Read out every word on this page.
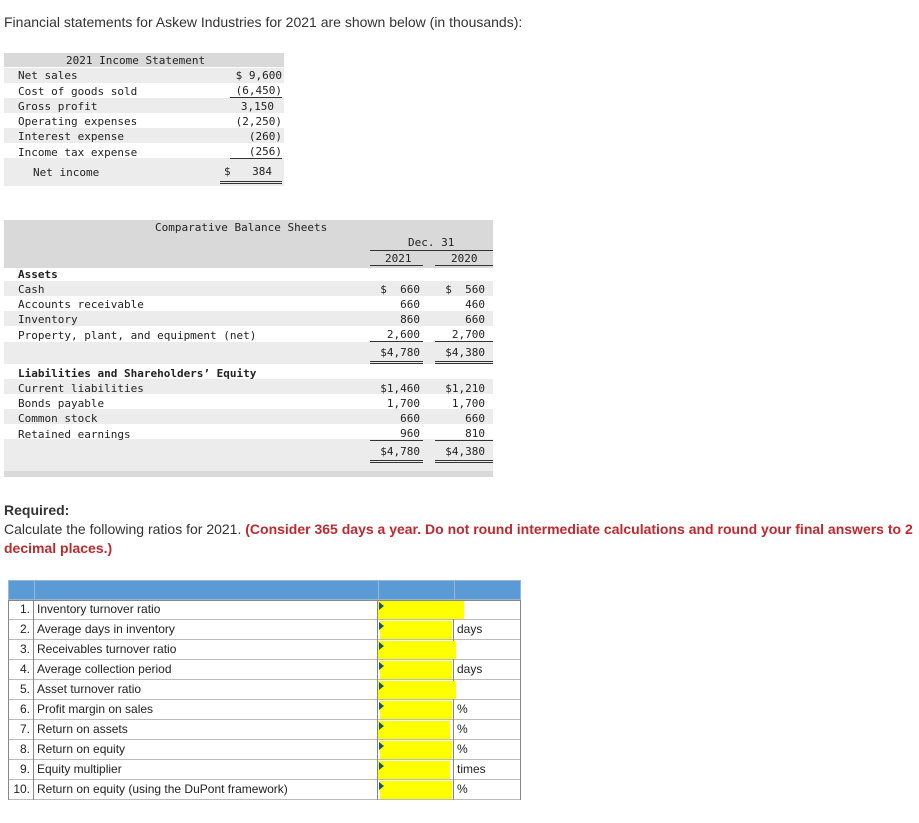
Financial statements for Askew Industries for 2021 are shown below (in thousands):
2021 Income Statement
Net sales	$ 9,600
Cost of goods sold	(6,450)
Gross profit	3,150
Operating expenses	(2,250)
Interest expense	(260)
Income tax expense	(256)
Net income	$ 384
Comparative Balance Sheets
Dec. 31
2021	2020
Assets
Cash	$  660	$  560
Accounts receivable	660	460
Inventory	860	660
Property, plant, and equipment (net)	2,600	2,700
$4,780	$4,380
Liabilities and Shareholders’ Equity
Current liabilities	$1,460	$1,210
Bonds payable	1,700	1,700
Common stock	660	660
Retained earnings	960	810
$4,780	$4,380
Required:
Calculate the following ratios for 2021. (Consider 365 days a year. Do not round intermediate calculations and round your final answers to 2 decimal places.)
1. Inventory turnover ratio
2. Average days in inventory	days
3. Receivables turnover ratio
4. Average collection period	days
5. Asset turnover ratio
6. Profit margin on sales	%
7. Return on assets	%
8. Return on equity	%
9. Equity multiplier	times
10. Return on equity (using the DuPont framework)	%
